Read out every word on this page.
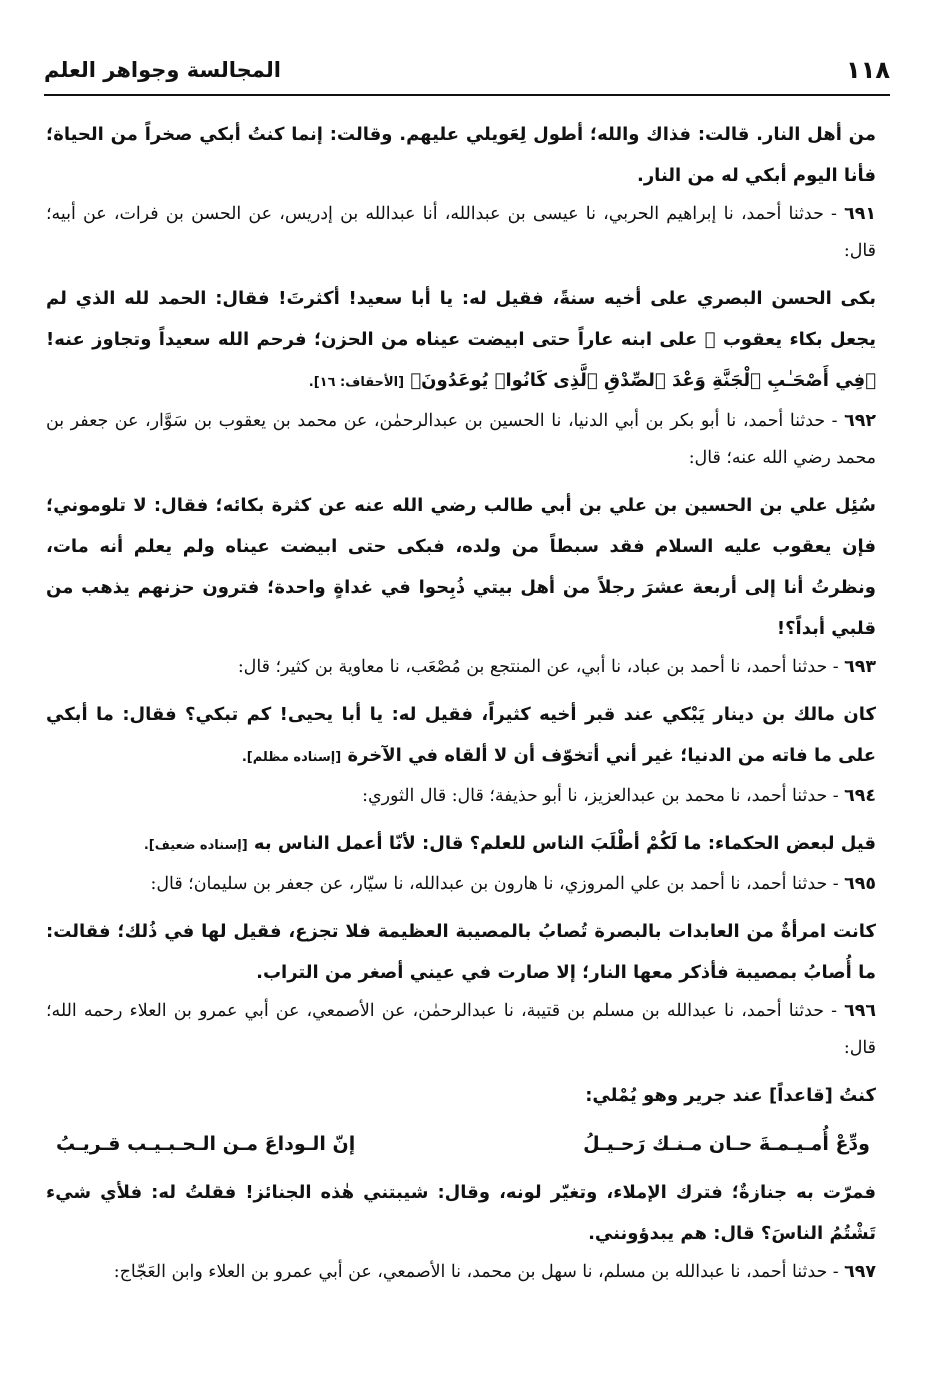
١١٨
المجالسة وجواهر العلم

من أهل النار. قالت: فذاك والله؛ أطول لِعَويلي عليهم. وقالت: إنما كنتُ أبكي صخراً من الحياة؛ فأنا اليوم أبكي له من النار.

٦٩١ - حدثنا أحمد، نا إبراهيم الحربي، نا عيسى بن عبدالله، أنا عبدالله بن إدريس، عن الحسن بن فرات، عن أبيه؛ قال:

بكى الحسن البصري على أخيه سنةً، فقيل له: يا أبا سعيد! أكثرتَ! فقال: الحمد لله الذي لم يجعل بكاء يعقوب ﷺ على ابنه عاراً حتى ابيضت عيناه من الحزن؛ فرحم الله سعيداً وتجاوز عنه! ﴿فِي أَصْحَـٰبِ ٱلْجَنَّةِ وَعْدَ ٱلصِّدْقِ ٱلَّذِى كَانُوا۟ يُوعَدُونَ﴾ [الأحقاف: ١٦].

٦٩٢ - حدثنا أحمد، نا أبو بكر بن أبي الدنيا، نا الحسين بن عبدالرحمٰن، عن محمد بن يعقوب بن سَوَّار، عن جعفر بن محمد رضي الله عنه؛ قال:

سُئِل علي بن الحسين بن علي بن أبي طالب رضي الله عنه عن كثرة بكائه؛ فقال: لا تلوموني؛ فإن يعقوب عليه السلام فقد سبطاً من ولده، فبكى حتى ابيضت عيناه ولم يعلم أنه مات، ونظرتُ أنا إلى أربعة عشرَ رجلاً من أهل بيتي ذُبِحوا في غداةٍ واحدة؛ فترون حزنهم يذهب من قلبي أبداً؟!

٦٩٣ - حدثنا أحمد، نا أحمد بن عباد، نا أبي، عن المنتجع بن مُصْعَب، نا معاوية بن كثير؛ قال:

كان مالك بن دينار يَبْكي عند قبر أخيه كثيراً، فقيل له: يا أبا يحيى! كم تبكي؟ فقال: ما أبكي على ما فاته من الدنيا؛ غير أني أتخوّف أن لا ألقاه في الآخرة [إسناده مظلم].

٦٩٤ - حدثنا أحمد، نا محمد بن عبدالعزيز، نا أبو حذيفة؛ قال: قال الثوري:

قيل لبعض الحكماء: ما لَكُمْ أطْلَبَ الناس للعلم؟ قال: لأنّا أعمل الناس به [إسناده ضعيف].

٦٩٥ - حدثنا أحمد، نا أحمد بن علي المروزي، نا هارون بن عبدالله، نا سيّار، عن جعفر بن سليمان؛ قال:

كانت امرأةٌ من العابدات بالبصرة تُصابُ بالمصيبة العظيمة فلا تجزع، فقيل لها في ذُلك؛ فقالت: ما أُصابُ بمصيبة فأذكر معها النار؛ إلا صارت في عيني أصغر من التراب.

٦٩٦ - حدثنا أحمد، نا عبدالله بن مسلم بن قتيبة، نا عبدالرحمٰن، عن الأصمعي، عن أبي عمرو بن العلاء رحمه الله؛ قال:

كنتُ [قاعداً] عند جرير وهو يُمْلي:

ودِّعْ أُمـيـمـةَ حـان مـنـك رَحـيـلُ
إنّ الـوداعَ مـن الـحـبـيـب قـريـبُ

فمرّت به جنازةٌ؛ فترك الإملاء، وتغيّر لونه، وقال: شيبتني هٰذه الجنائز! فقلتُ له: فلأي شيء تَشْتُمُ الناسَ؟ قال: هم يبدؤونني.

٦٩٧ - حدثنا أحمد، نا عبدالله بن مسلم، نا سهل بن محمد، نا الأصمعي، عن أبي عمرو بن العلاء وابن العَجّاج:
